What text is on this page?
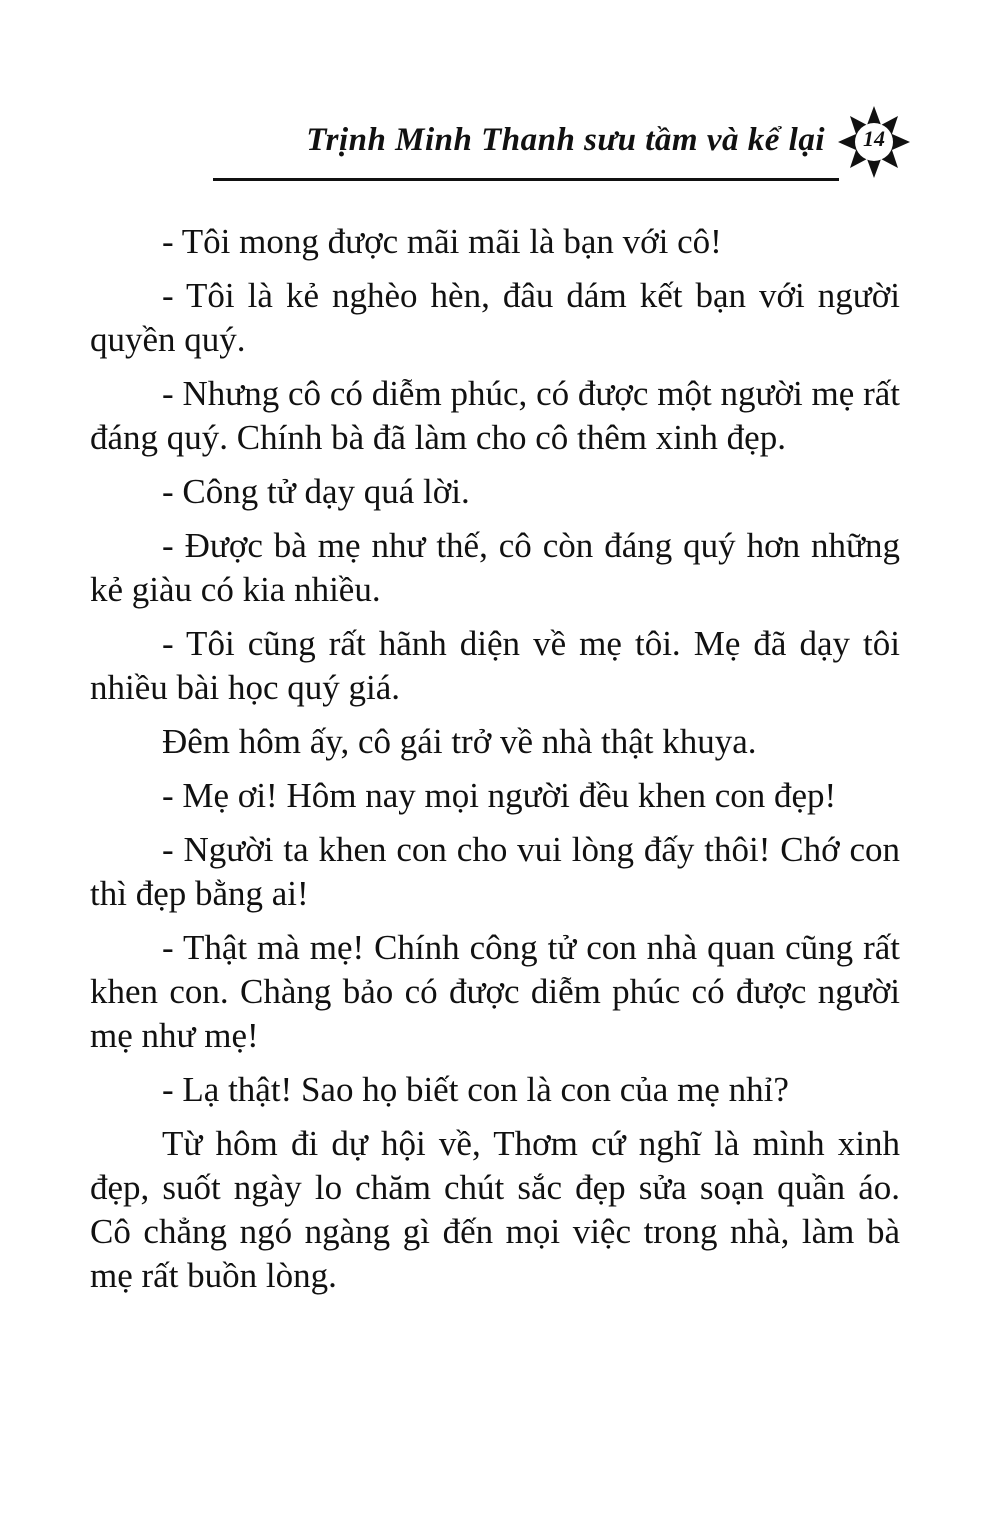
Trịnh Minh Thanh sưu tầm và kể lại	14

- Tôi mong được mãi mãi là bạn với cô!

- Tôi là kẻ nghèo hèn, đâu dám kết bạn với người quyền quý.

- Nhưng cô có diễm phúc, có được một người mẹ rất đáng quý. Chính bà đã làm cho cô thêm xinh đẹp.

- Công tử dạy quá lời.

- Được bà mẹ như thế, cô còn đáng quý hơn những kẻ giàu có kia nhiều.

- Tôi cũng rất hãnh diện về mẹ tôi. Mẹ đã dạy tôi nhiều bài học quý giá.

Đêm hôm ấy, cô gái trở về nhà thật khuya.

- Mẹ ơi! Hôm nay mọi người đều khen con đẹp!

- Người ta khen con cho vui lòng đấy thôi! Chớ con thì đẹp bằng ai!

- Thật mà mẹ! Chính công tử con nhà quan cũng rất khen con. Chàng bảo có được diễm phúc có được người mẹ như mẹ!

- Lạ thật! Sao họ biết con là con của mẹ nhỉ?

Từ hôm đi dự hội về, Thơm cứ nghĩ là mình xinh đẹp, suốt ngày lo chăm chút sắc đẹp sửa soạn quần áo. Cô chẳng ngó ngàng gì đến mọi việc trong nhà, làm bà mẹ rất buồn lòng.
